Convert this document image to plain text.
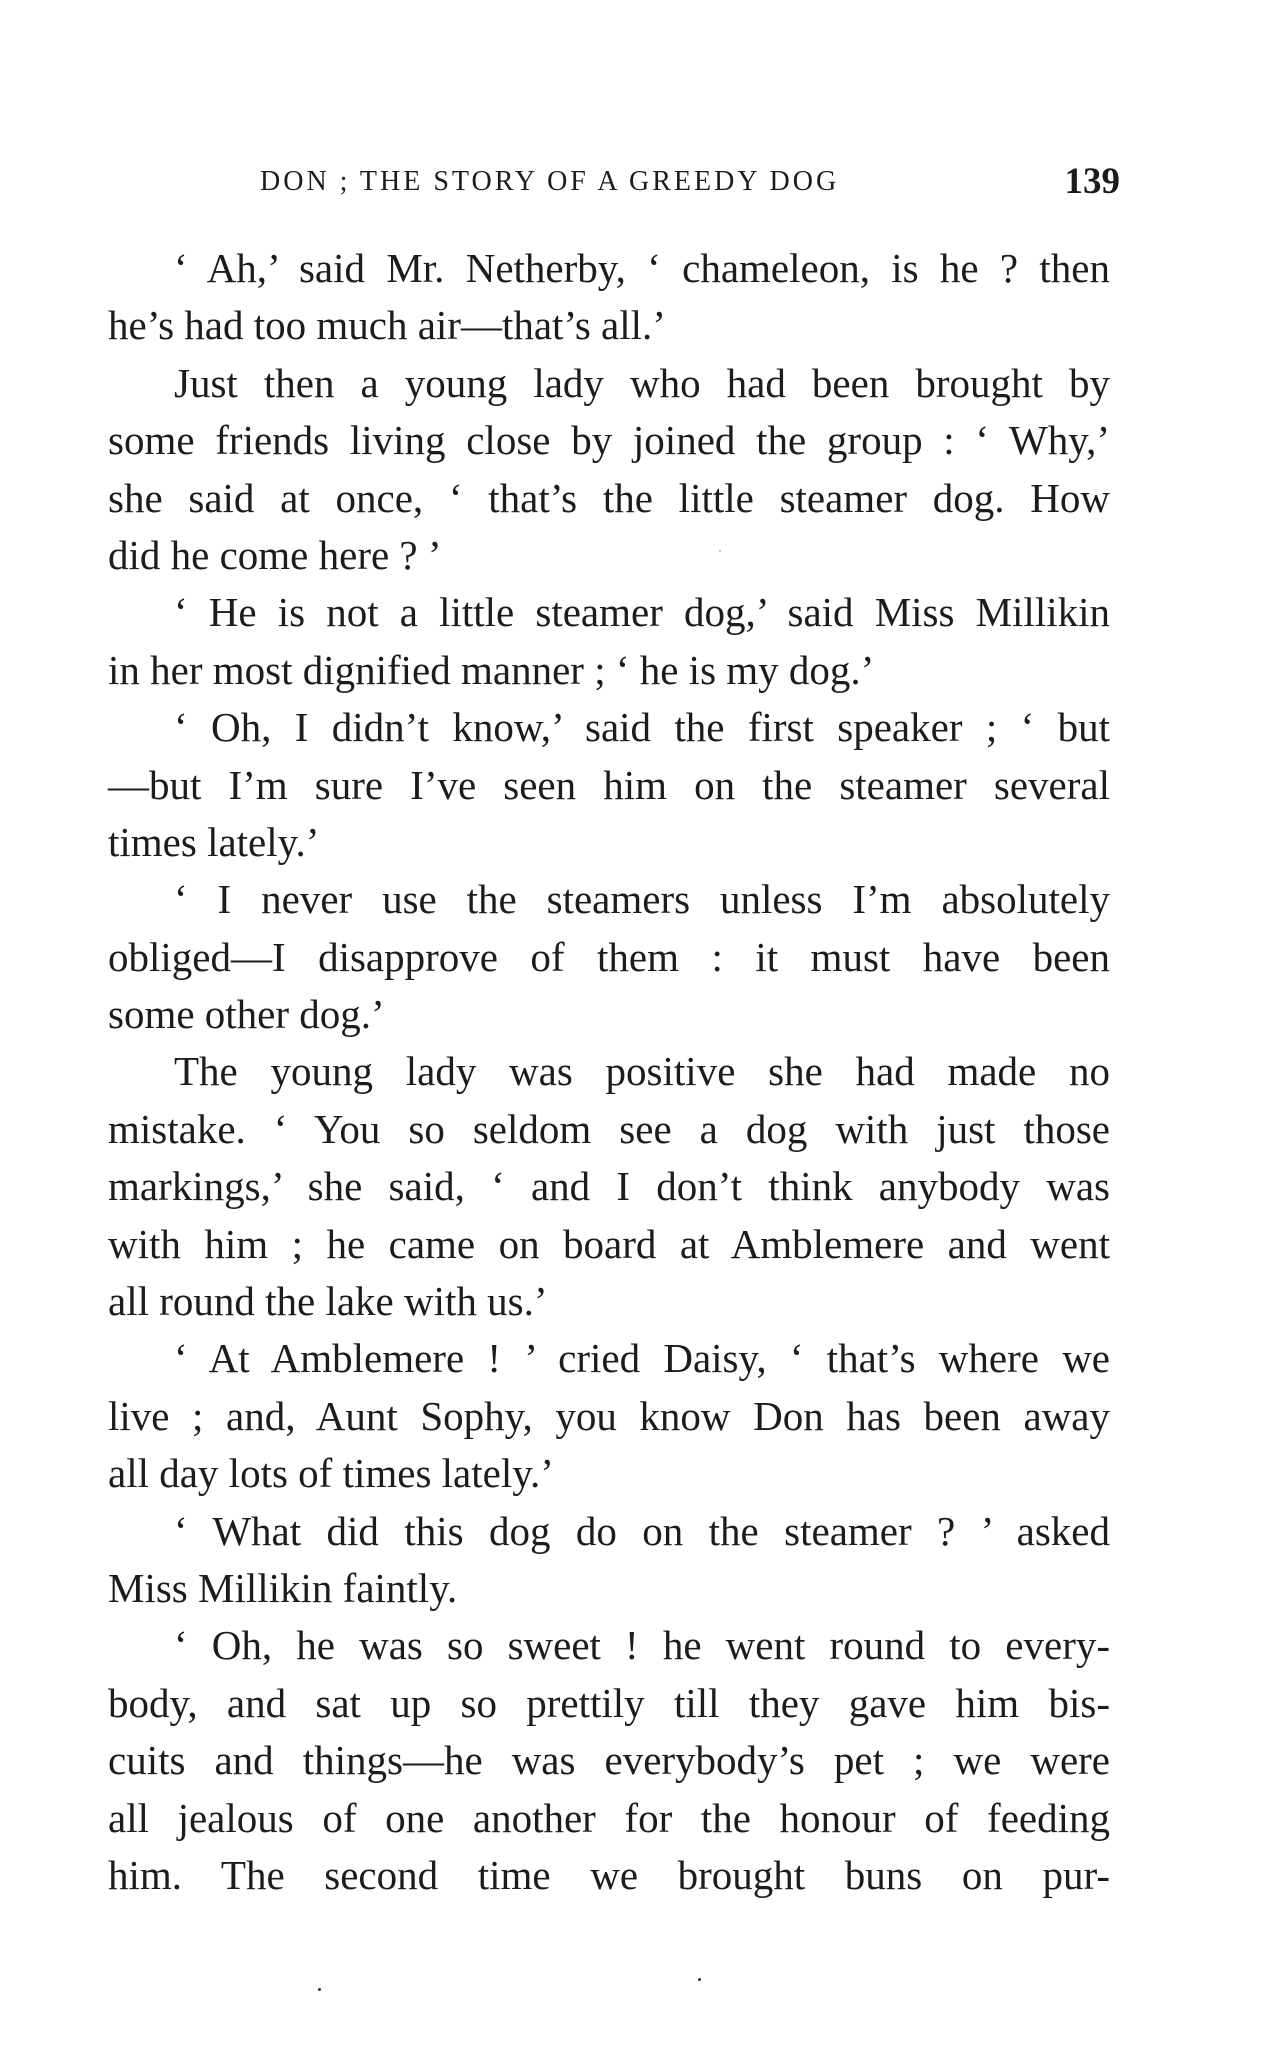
DON ; THE STORY OF A GREEDY DOG	139
‘ Ah,’ said Mr. Netherby, ‘ chameleon, is he ? then
he’s had too much air—that’s all.’
Just then a young lady who had been brought by
some friends living close by joined the group : ‘ Why,’
she said at once, ‘ that’s the little steamer dog. How
did he come here ? ’
‘ He is not a little steamer dog,’ said Miss Millikin
in her most dignified manner ; ‘ he is my dog.’
‘ Oh, I didn’t know,’ said the first speaker ; ‘ but
—but I’m sure I’ve seen him on the steamer several
times lately.’
‘ I never use the steamers unless I’m absolutely
obliged—I disapprove of them : it must have been
some other dog.’
The young lady was positive she had made no
mistake. ‘ You so seldom see a dog with just those
markings,’ she said, ‘ and I don’t think anybody was
with him ; he came on board at Amblemere and went
all round the lake with us.’
‘ At Amblemere ! ’ cried Daisy, ‘ that’s where we
live ; and, Aunt Sophy, you know Don has been away
all day lots of times lately.’
‘ What did this dog do on the steamer ? ’ asked
Miss Millikin faintly.
‘ Oh, he was so sweet ! he went round to every-
body, and sat up so prettily till they gave him bis-
cuits and things—he was everybody’s pet ; we were
all jealous of one another for the honour of feeding
him. The second time we brought buns on pur-
